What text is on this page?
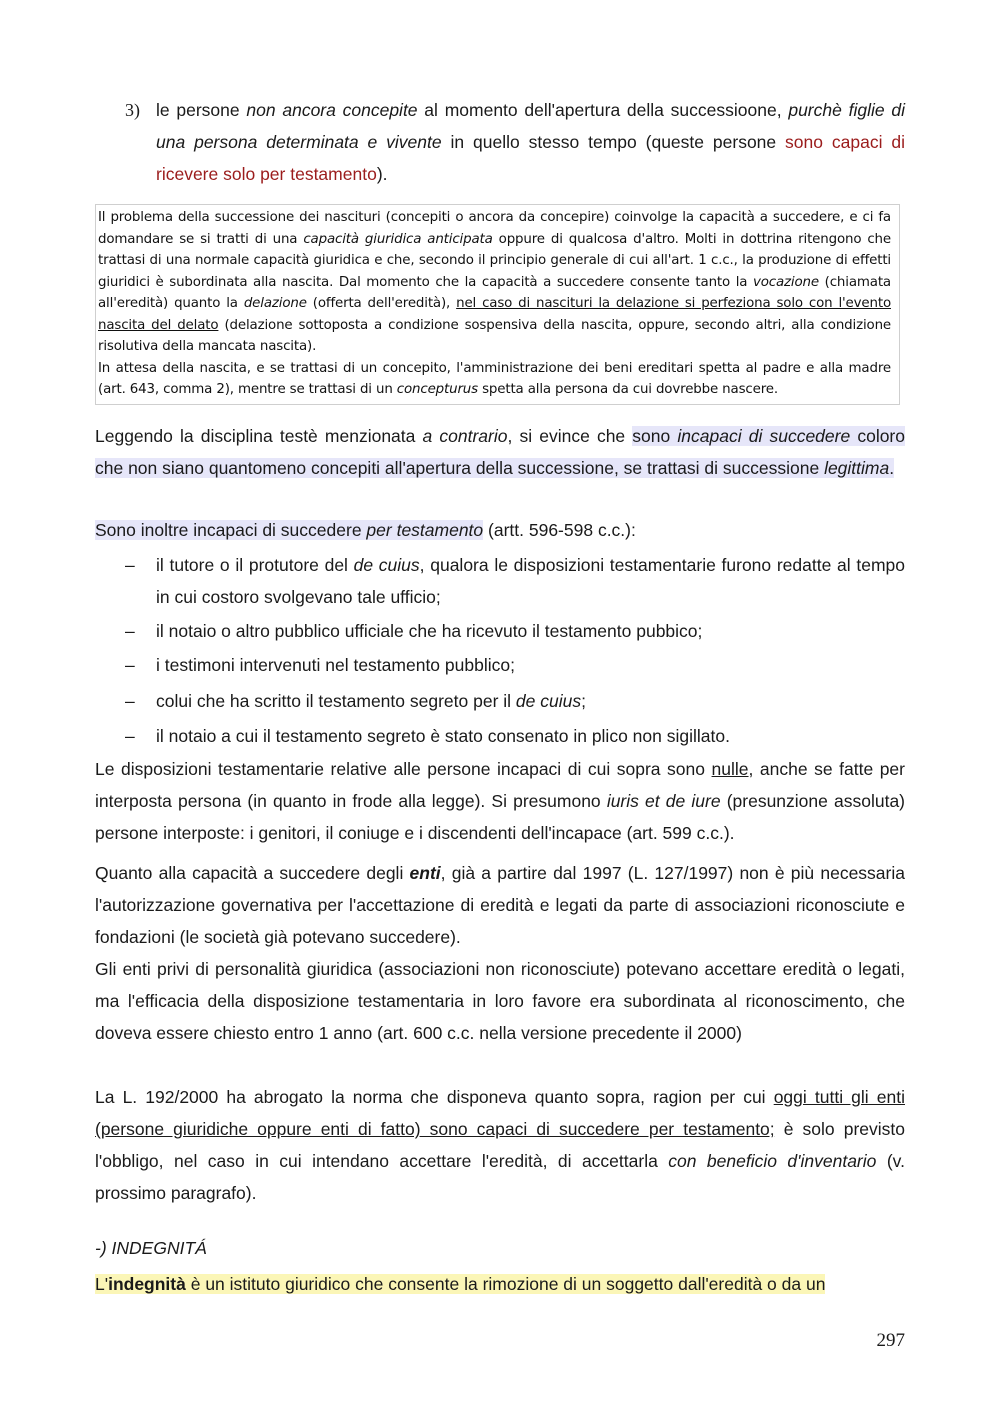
3) le persone non ancora concepite al momento dell'apertura della successioone, purchè figlie di una persona determinata e vivente in quello stesso tempo (queste persone sono capaci di ricevere solo per testamento).

Il problema della successione dei nascituri (concepiti o ancora da concepire) coinvolge la capacità a succedere, e ci fa domandare se si tratti di una capacità giuridica anticipata oppure di qualcosa d'altro. Molti in dottrina ritengono che trattasi di una normale capacità giuridica e che, secondo il principio generale di cui all'art. 1 c.c., la produzione di effetti giuridici è subordinata alla nascita. Dal momento che la capacità a succedere consente tanto la vocazione (chiamata all'eredità) quanto la delazione (offerta dell'eredità), nel caso di nascituri la delazione si perfeziona solo con l'evento nascita del delato (delazione sottoposta a condizione sospensiva della nascita, oppure, secondo altri, alla condizione risolutiva della mancata nascita).

In attesa della nascita, e se trattasi di un concepito, l'amministrazione dei beni ereditari spetta al padre e alla madre (art. 643, comma 2), mentre se trattasi di un concepturus spetta alla persona da cui dovrebbe nascere.

Leggendo la disciplina testè menzionata a contrario, si evince che sono incapaci di succedere coloro che non siano quantomeno concepiti all'apertura della successione, se trattasi di successione legittima.
Sono inoltre incapaci di succedere per testamento (artt. 596-598 c.c.):
– il tutore o il protutore del de cuius, qualora le disposizioni testamentarie furono redatte al tempo in cui costoro svolgevano tale ufficio;
– il notaio o altro pubblico ufficiale che ha ricevuto il testamento pubbico;
– i testimoni intervenuti nel testamento pubblico;
– colui che ha scritto il testamento segreto per il de cuius;
– il notaio a cui il testamento segreto è stato consenato in plico non sigillato.
Le disposizioni testamentarie relative alle persone incapaci di cui sopra sono nulle, anche se fatte per interposta persona (in quanto in frode alla legge). Si presumono iuris et de iure (presunzione assoluta) persone interposte: i genitori, il coniuge e i discendenti dell'incapace (art. 599 c.c.).
Quanto alla capacità a succedere degli enti, già a partire dal 1997 (L. 127/1997) non è più necessaria l'autorizzazione governativa per l'accettazione di eredità e legati da parte di associazioni riconosciute e fondazioni (le società già potevano succedere).
Gli enti privi di personalità giuridica (associazioni non riconosciute) potevano accettare eredità o legati, ma l'efficacia della disposizione testamentaria in loro favore era subordinata al riconoscimento, che doveva essere chiesto entro 1 anno (art. 600 c.c. nella versione precedente il 2000)
La L. 192/2000 ha abrogato la norma che disponeva quanto sopra, ragion per cui oggi tutti gli enti (persone giuridiche oppure enti di fatto) sono capaci di succedere per testamento; è solo previsto l'obbligo, nel caso in cui intendano accettare l'eredità, di accettarla con beneficio d'inventario (v. prossimo paragrafo).
-) INDEGNITÁ
L'indegnità è un istituto giuridico che consente la rimozione di un soggetto dall'eredità o da un
297
